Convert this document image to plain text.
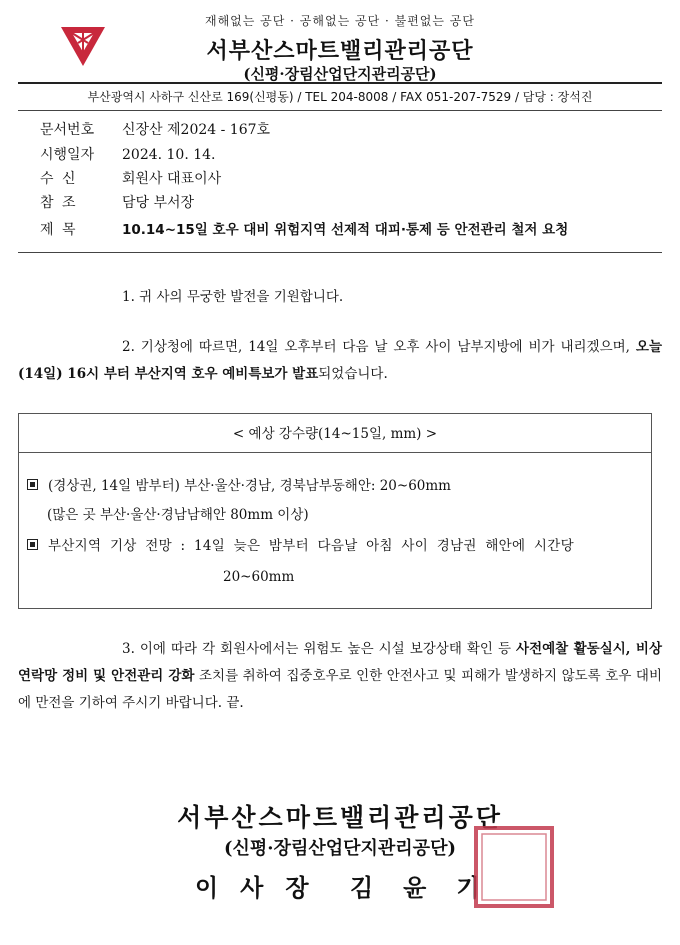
재해없는 공단 · 공해없는 공단 · 불편없는 공단
서부산스마트밸리관리공단
(신평·장림산업단지관리공단)
부산광역시 사하구 신산로 169(신평동) / TEL 204-8008 / FAX 051-207-7529 / 담당 : 장석진
문서번호 신장산 제2024 - 167호
시행일자 2024. 10. 14.
수 신	회원사 대표이사
참 조	담당 부서장
제 목	10.14~15일 호우 대비 위험지역 선제적 대피·통제 등 안전관리 철저 요청
1. 귀 사의 무궁한 발전을 기원합니다.
2. 기상청에 따르면, 14일 오후부터 다음 날 오후 사이 남부지방에 비가 내리겠으며, 오늘(14일) 16시 부터 부산지역 호우 예비특보가 발표되었습니다.
< 예상 강수량(14~15일, mm) >
(경상권, 14일 밤부터) 부산·울산·경남, 경북남부동해안: 20~60mm
(많은 곳 부산·울산·경남남해안 80mm 이상)
부산지역 기상 전망 : 14일 늦은 밤부터 다음날 아침 사이 경남권 해안에 시간당
20~60mm
3. 이에 따라 각 회원사에서는 위험도 높은 시설 보강상태 확인 등 사전예찰 활동실시, 비상연락망 정비 및 안전관리 강화 조치를 취하여 집중호우로 인한 안전사고 및 피해가 발생하지 않도록 호우 대비에 만전을 기하여 주시기 바랍니다. 끝.
서부산스마트밸리관리공단
(신평·장림산업단지관리공단)
이사장 김윤기
